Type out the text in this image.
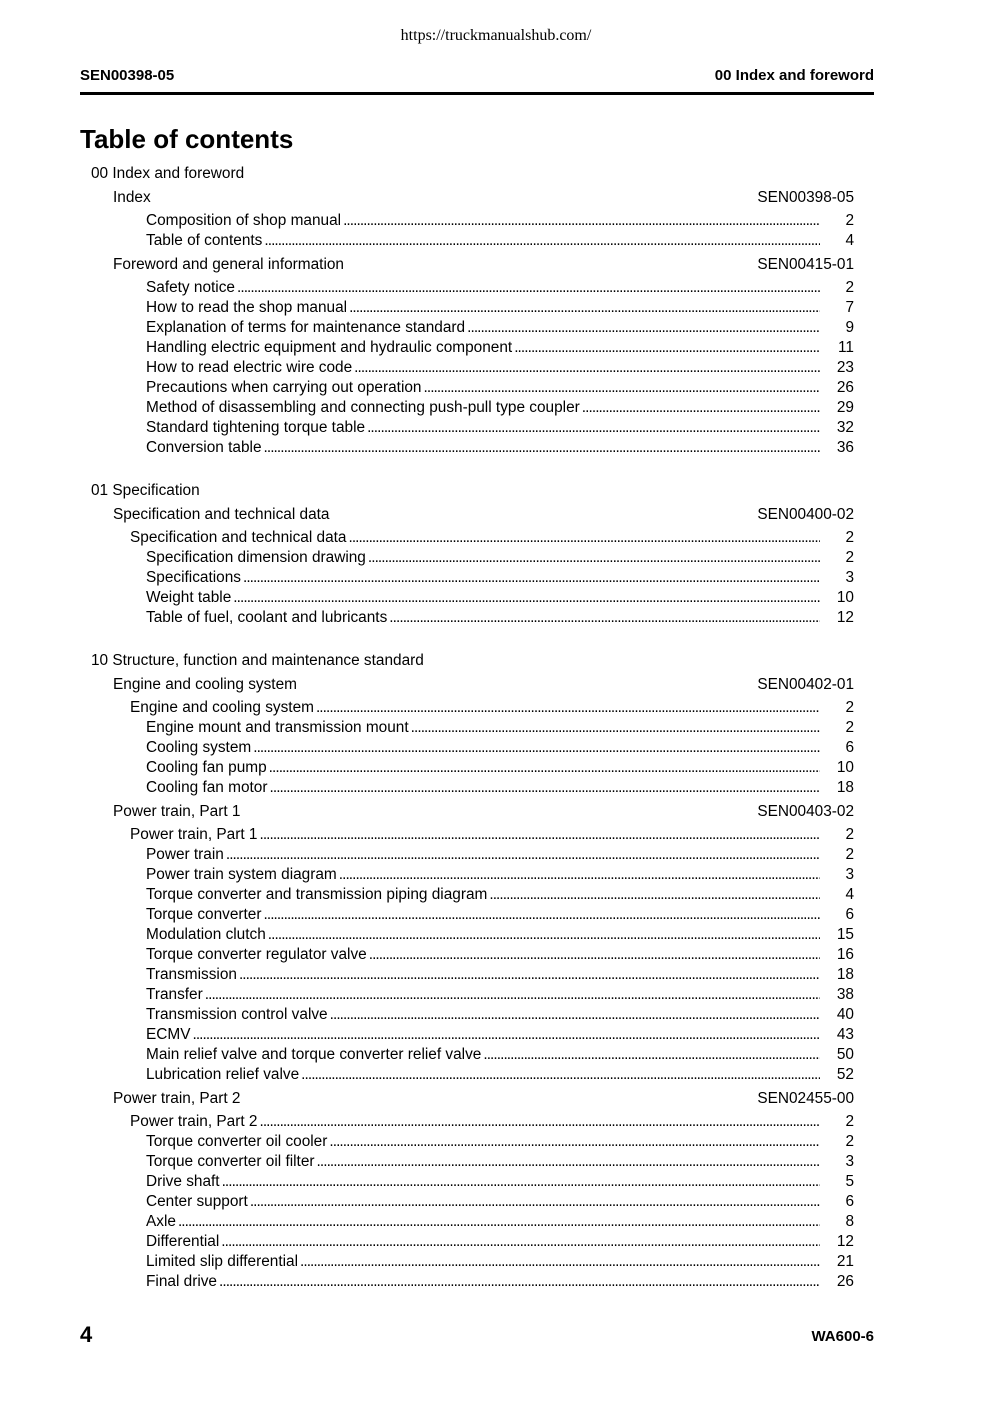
https://truckmanualshub.com/
SEN00398-05	00 Index and foreword
Table of contents
00 Index and foreword
Index	SEN00398-05
Composition of shop manual . . .	2
Table of contents . . .	4
Foreword and general information	SEN00415-01
Safety notice . . .	2
How to read the shop manual . . .	7
Explanation of terms for maintenance standard . . .	9
Handling electric equipment and hydraulic component . . .	11
How to read electric wire code . . .	23
Precautions when carrying out operation . . .	26
Method of disassembling and connecting push-pull type coupler . . .	29
Standard tightening torque table . . .	32
Conversion table . . .	36
01 Specification
Specification and technical data	SEN00400-02
Specification and technical data . . .	2
Specification dimension drawing . . .	2
Specifications . . .	3
Weight table . . .	10
Table of fuel, coolant and lubricants . . .	12
10 Structure, function and maintenance standard
Engine and cooling system	SEN00402-01
Engine and cooling system . . .	2
Engine mount and transmission mount . . .	2
Cooling system . . .	6
Cooling fan pump . . .	10
Cooling fan motor . . .	18
Power train, Part 1	SEN00403-02
Power train, Part 1 . . .	2
Power train . . .	2
Power train system diagram . . .	3
Torque converter and transmission piping diagram . . .	4
Torque converter . . .	6
Modulation clutch . . .	15
Torque converter regulator valve . . .	16
Transmission . . .	18
Transfer . . .	38
Transmission control valve . . .	40
ECMV . . .	43
Main relief valve and torque converter relief valve . . .	50
Lubrication relief valve . . .	52
Power train, Part 2	SEN02455-00
Power train, Part 2 . . .	2
Torque converter oil cooler . . .	2
Torque converter oil filter . . .	3
Drive shaft . . .	5
Center support . . .	6
Axle . . .	8
Differential . . .	12
Limited slip differential . . .	21
Final drive . . .	26
4	WA600-6
